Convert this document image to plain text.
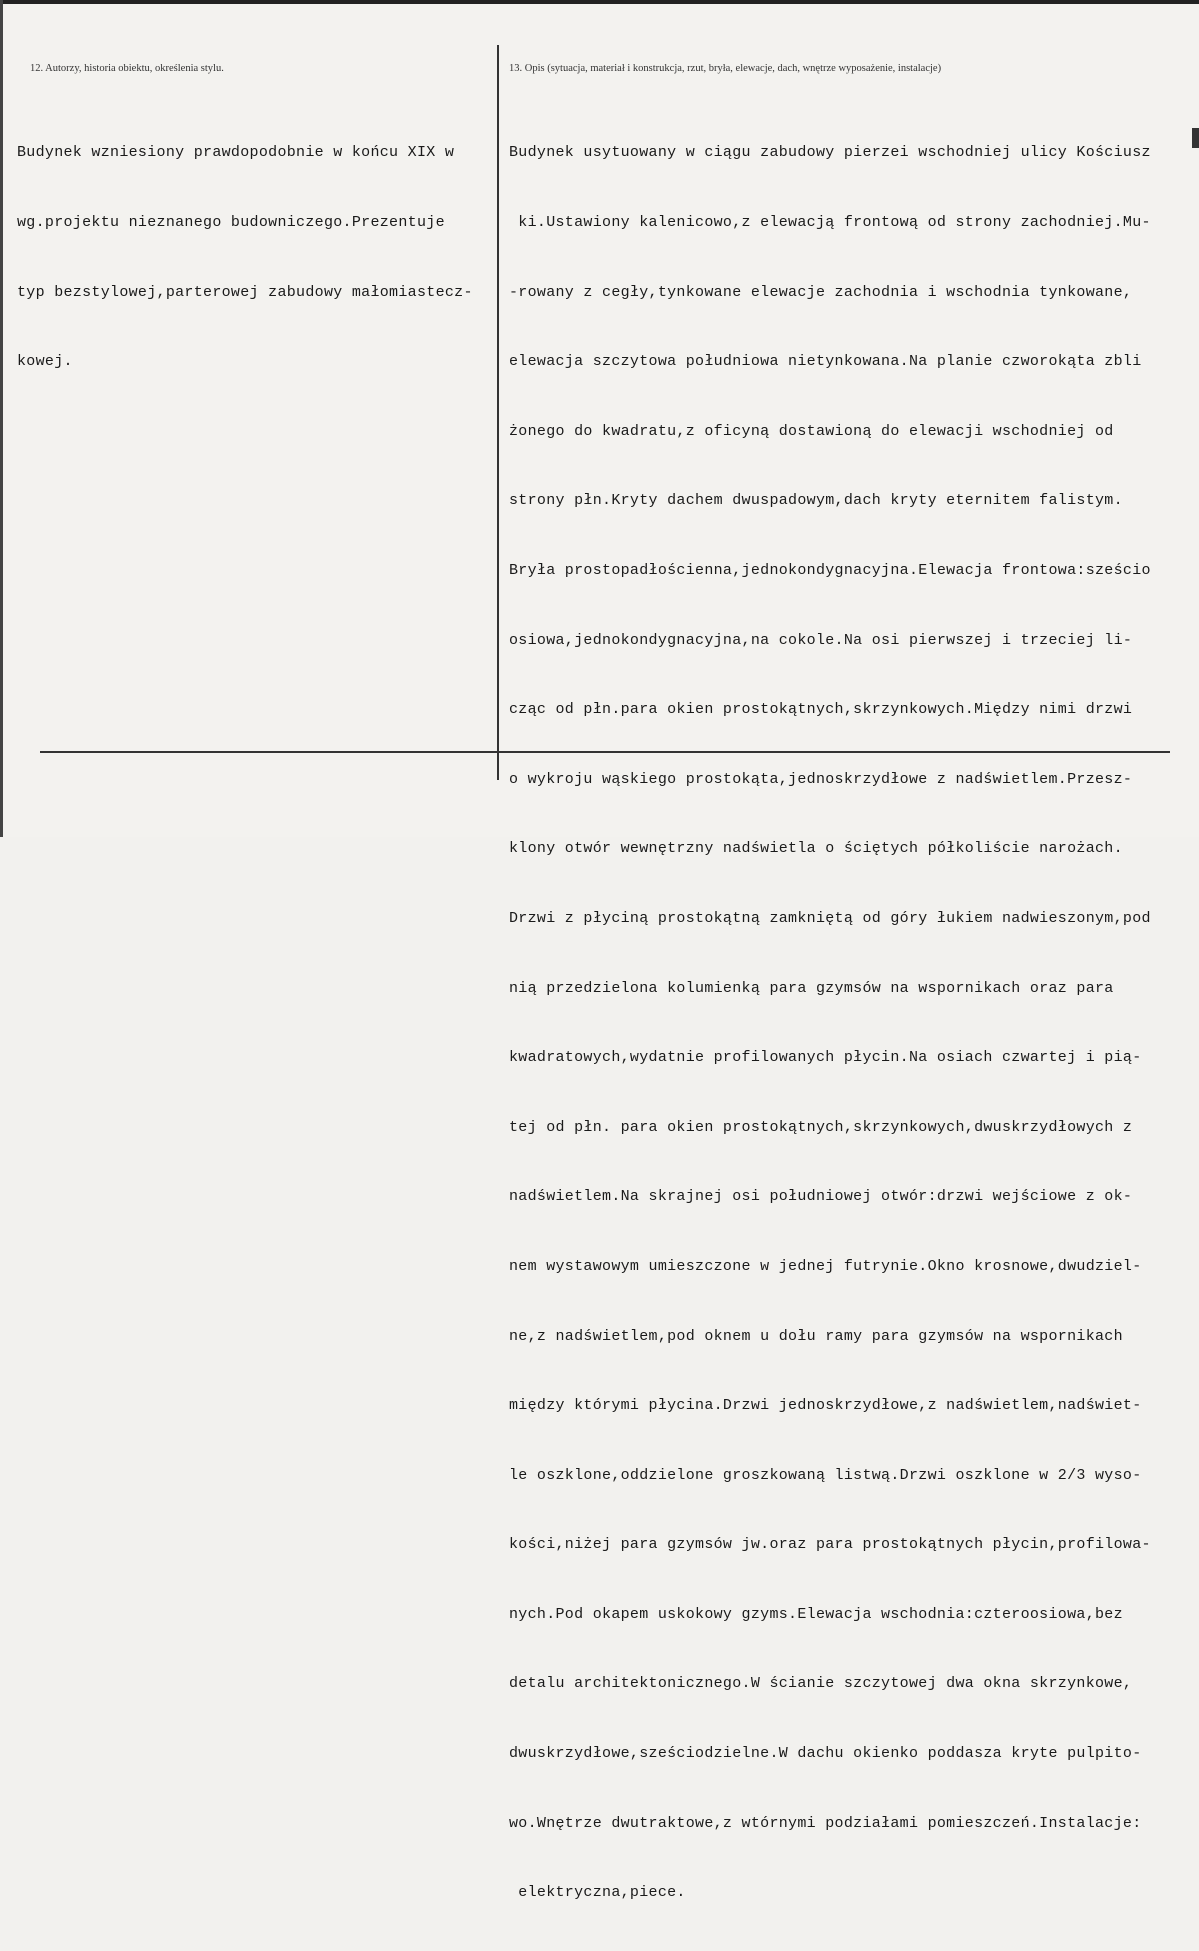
12. Autorzy, historia obiektu, określenia stylu.	13. Opis (sytuacja, materiał i konstrukcja, rzut, bryła, elewacje, dach, wnętrze wyposażenie, instalacje)

Budynek wzniesiony prawdopodobnie w końcu XIX w

wg.projektu nieznanego budowniczego.Prezentuje

typ bezstylowej,parterowej zabudowy małomiastecz-

kowej.

Budynek usytuowany w ciągu zabudowy pierzei wschodniej ulicy Kościusz

ki.Ustawiony kalenicowo,z elewacją frontową od strony zachodniej.Mu-

-rowany z cegły,tynkowane elewacje zachodnia i wschodnia tynkowane,

elewacja szczytowa południowa nietynkowana.Na planie czworokąta zbli

żonego do kwadratu,z oficyną dostawioną do elewacji wschodniej od

strony płn.Kryty dachem dwuspadowym,dach kryty eternitem falistym.

Bryła prostopadłościenna,jednokondygnacyjna.Elewacja frontowa:sześcio

osiowa,jednokondygnacyjna,na cokole.Na osi pierwszej i trzeciej li-

cząc od płn.para okien prostokątnych,skrzynkowych.Między nimi drzwi

o wykroju wąskiego prostokąta,jednoskrzydłowe z nadświetlem.Przesz-

klony otwór wewnętrzny nadświetla o ściętych półkoliście narożach.

Drzwi z płyciną prostokątną zamkniętą od góry łukiem nadwieszonym,pod

nią przedzielona kolumienką para gzymsów na wspornikach oraz para

kwadratowych,wydatnie profilowanych płycin.Na osiach czwartej i pią-

tej od płn. para okien prostokątnych,skrzynkowych,dwuskrzydłowych z

nadświetlem.Na skrajnej osi południowej otwór:drzwi wejściowe z ok-

nem wystawowym umieszczone w jednej futrynie.Okno krosnowe,dwudziel-

ne,z nadświetlem,pod oknem u dołu ramy para gzymsów na wspornikach

między którymi płycina.Drzwi jednoskrzydłowe,z nadświetlem,nadświet-

le oszklone,oddzielone groszkowaną listwą.Drzwi oszklone w 2/3 wyso-

kości,niżej para gzymsów jw.oraz para prostokątnych płycin,profilowa-

nych.Pod okapem uskokowy gzyms.Elewacja wschodnia:czteroosiowa,bez

detalu architektonicznego.W ścianie szczytowej dwa okna skrzynkowe,

dwuskrzydłowe,sześciodzielne.W dachu okienko poddasza kryte pulpito-

wo.Wnętrze dwutraktowe,z wtórnymi podziałami pomieszczeń.Instalacje:

elektryczna,piece.
